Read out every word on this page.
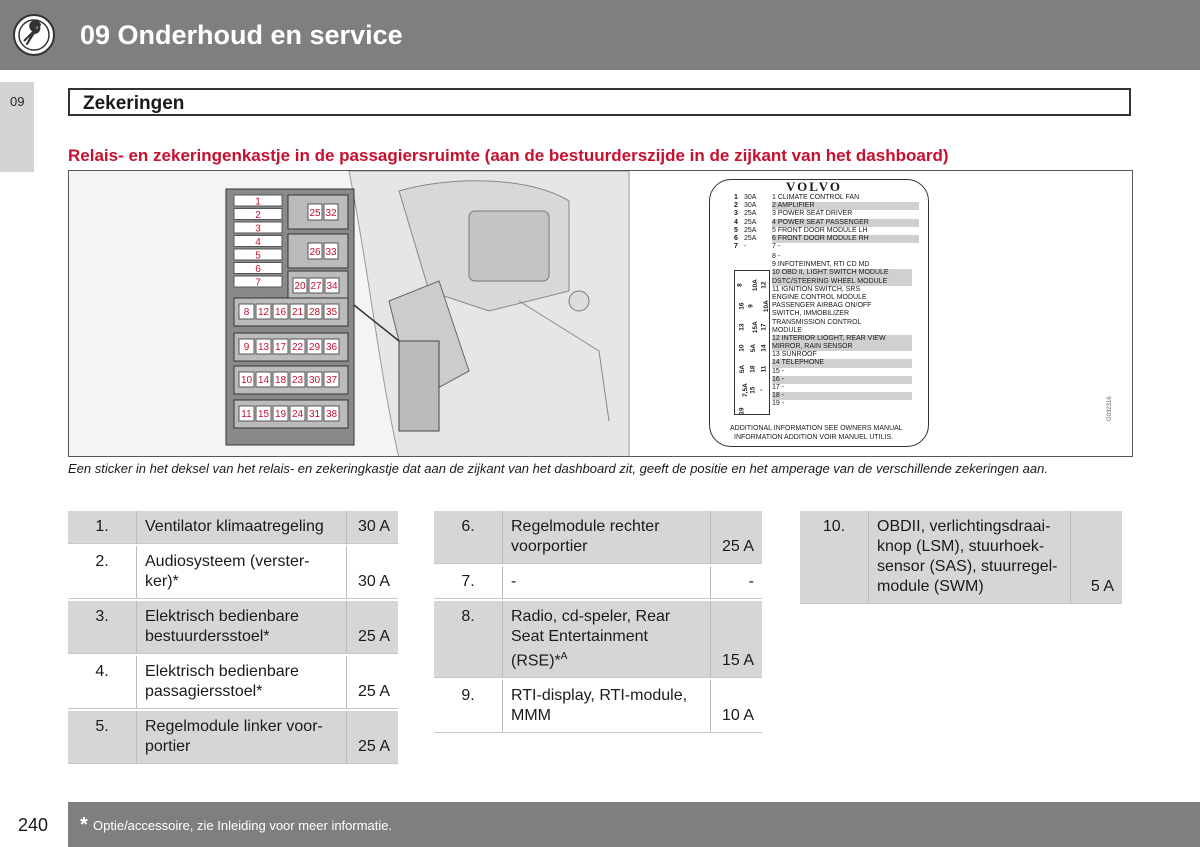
09 Onderhoud en service
09	Zekeringen
Relais- en zekeringenkastje in de passagiersruimte (aan de bestuurderszijde in de zijkant van het dashboard)
1
2
3
4
5
6
7
25 32
26 33
20 27 34
8 12 16 21 28 35
9 13 17 22 29 36
10 14 18 23 30 37
11 15 19 24 31 38
VOLVO
1 30A	1 CLIMATE CONTROL FAN
2 30A	2 AMPLIFIER
3 25A	3 POWER SEAT DRIVER
4 25A	4 POWER SEAT PASSENGER
5 25A	5 FRONT DOOR MODULE LH
6 25A	6 FRONT DOOR MODULE RH
7 -	7 -
8 -
9 INFOTEINMENT, RTI CD MD
10 OBD II, LIGHT SWITCH MODULE
DSTC/STEERING WHEEL MODULE
11 IGNITION SWITCH, SRS
ENGINE CONTROL MODULE
PASSENGER AIRBAG ON/OFF
SWITCH, IMMOBILIZER
TRANSMISSION CONTROL
MODULE
12 INTERIOR LIOGHT, REAR VIEW
MIRROR, RAIN SENSOR
13 SUNROOF
14 TELEPHONE
15 -
16 -
17 -
18 -
19 -
8 10A 12
16 9 10A
13 15A 17
10 5A 14
5A 18 11
7,5A 15 -
19
ADDITIONAL INFORMATION SEE OWNERS MANUAL
INFORMATION ADDITION VOIR MANUEL UTILIS.
G032316
Een sticker in het deksel van het relais- en zekeringkastje dat aan de zijkant van het dashboard zit, geeft de positie en het amperage van de verschillende zekeringen aan.
1.	Ventilator klimaatregeling	30 A
2.	Audiosysteem (verster-ker)*	30 A
3.	Elektrisch bedienbare bestuurdersstoel*	25 A
4.	Elektrisch bedienbare passagiersstoel*	25 A
5.	Regelmodule linker voor-portier	25 A
6.	Regelmodule rechter voorportier	25 A
7.	-	-
8.	Radio, cd-speler, Rear Seat Entertainment (RSE)*$^A$	15 A
9.	RTI-display, RTI-module, MMM	10 A
10.	OBDII, verlichtingsdraai-knop (LSM), stuurhoek-sensor (SAS), stuurregel-module (SWM)	5 A
240 * Optie/accessoire, zie Inleiding voor meer informatie.
